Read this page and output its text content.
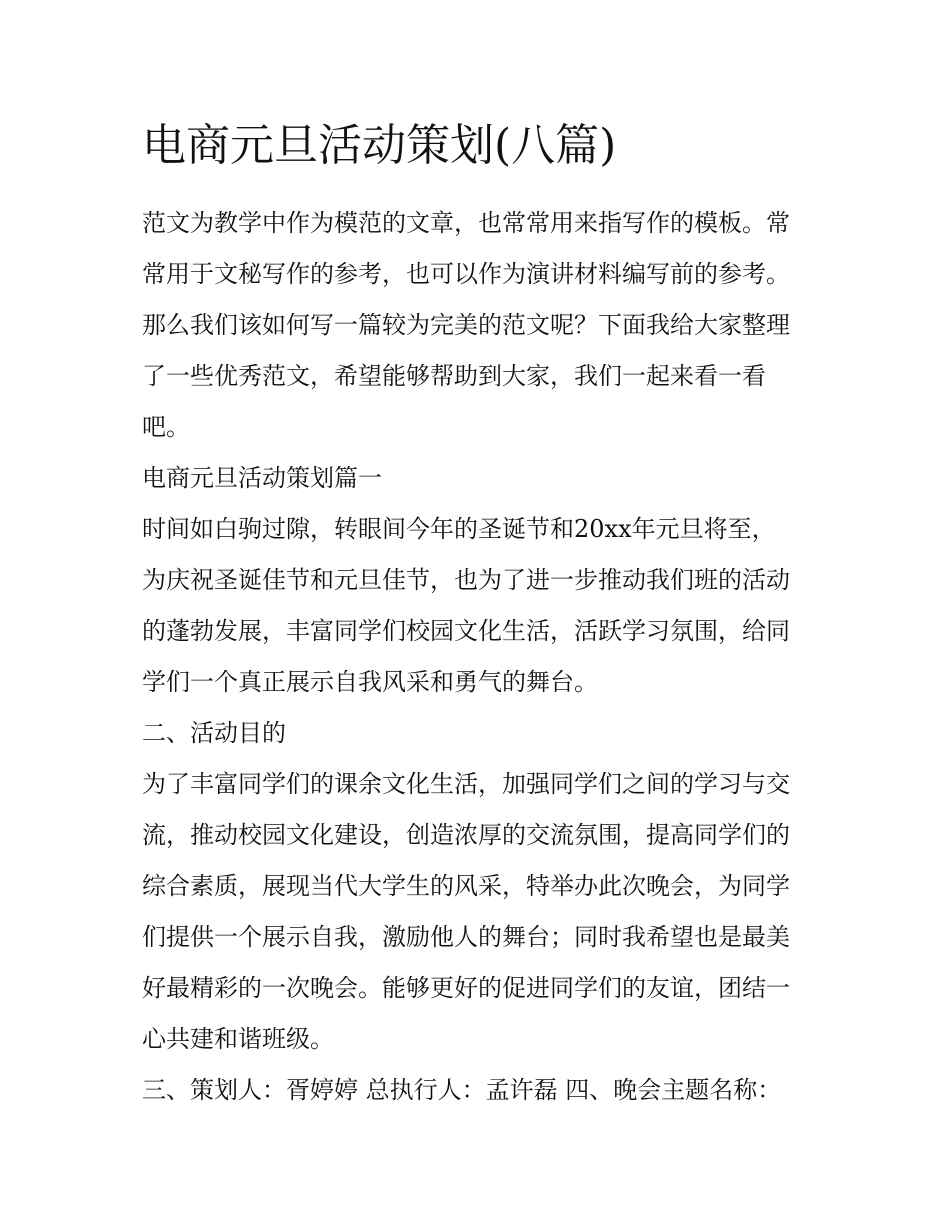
电商元旦活动策划(八篇)

范文为教学中作为模范的文章，也常常用来指写作的模板。常

常用于文秘写作的参考，也可以作为演讲材料编写前的参考。

那么我们该如何写一篇较为完美的范文呢？下面我给大家整理

了一些优秀范文，希望能够帮助到大家，我们一起来看一看

吧。

电商元旦活动策划篇一

时间如白驹过隙，转眼间今年的圣诞节和20xx年元旦将至，

为庆祝圣诞佳节和元旦佳节，也为了进一步推动我们班的活动

的蓬勃发展，丰富同学们校园文化生活，活跃学习氛围，给同

学们一个真正展示自我风采和勇气的舞台。

二、活动目的

为了丰富同学们的课余文化生活，加强同学们之间的学习与交

流，推动校园文化建设，创造浓厚的交流氛围，提高同学们的

综合素质，展现当代大学生的风采，特举办此次晚会，为同学

们提供一个展示自我，激励他人的舞台；同时我希望也是最美

好最精彩的一次晚会。能够更好的促进同学们的友谊，团结一

心共建和谐班级。

三、策划人：胥婷婷 总执行人：孟许磊 四、晚会主题名称：
